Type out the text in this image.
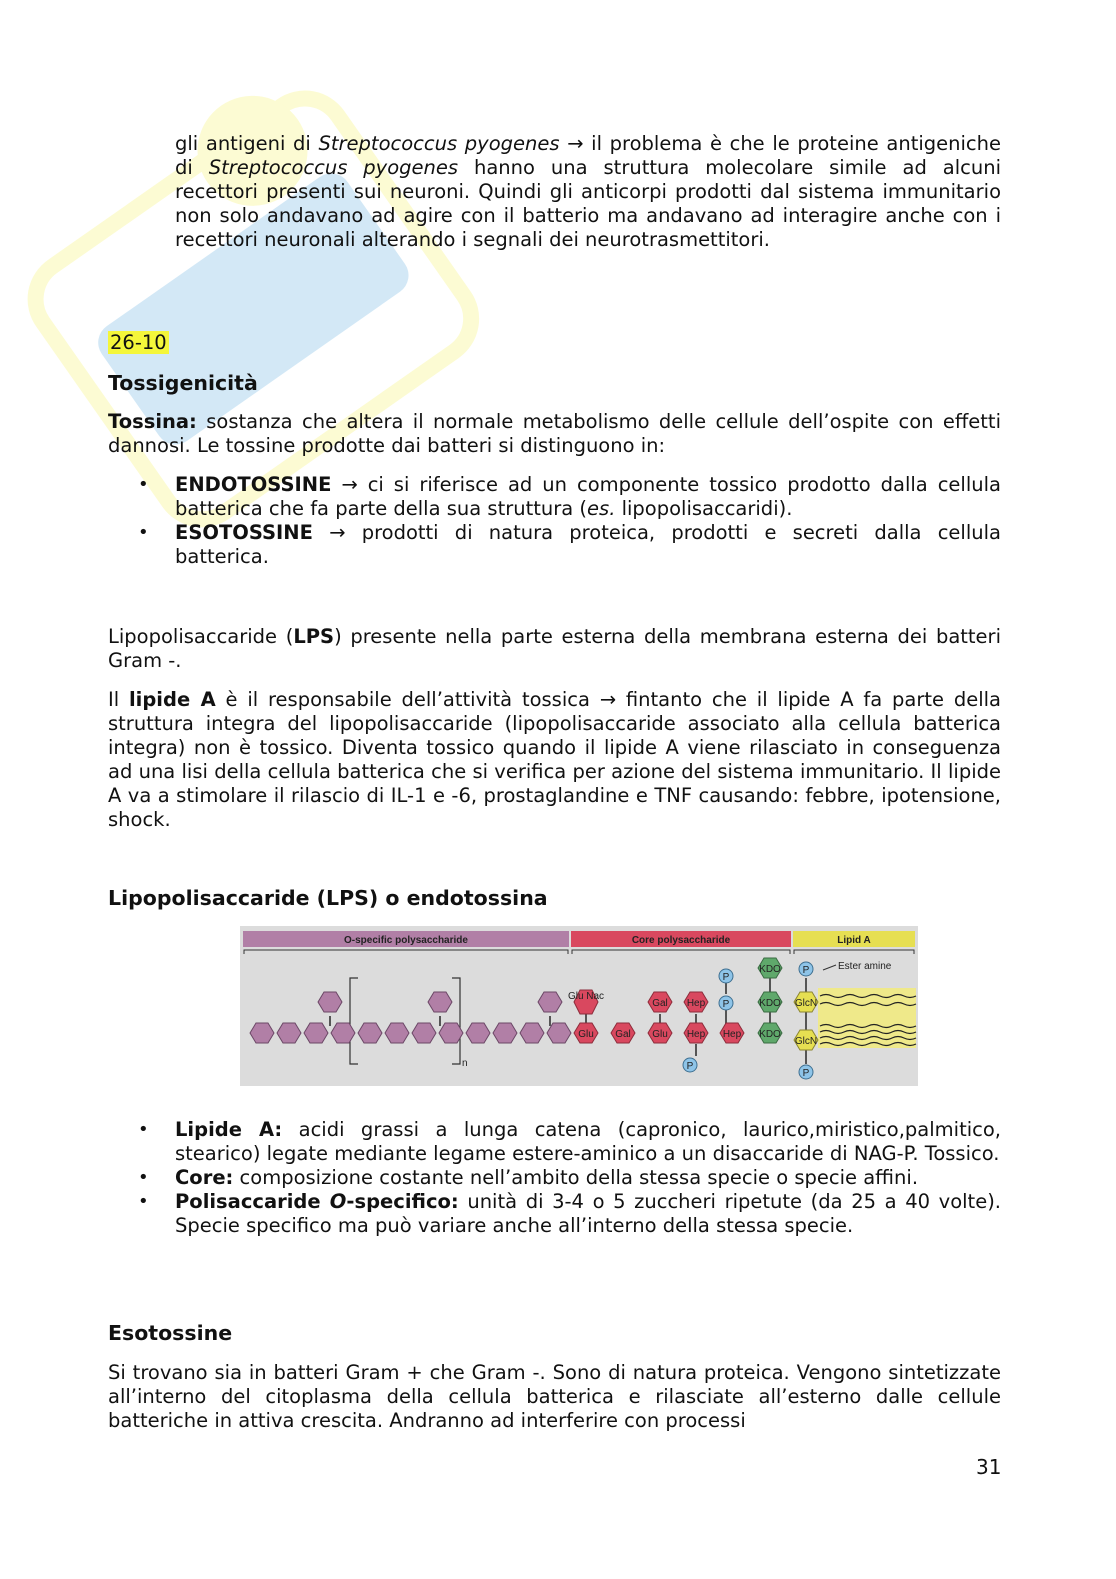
gli antigeni di Streptococcus pyogenes → il problema è che le proteine antigeniche di Streptococcus pyogenes hanno una struttura molecolare simile ad alcuni recettori presenti sui neuroni. Quindi gli anticorpi prodotti dal sistema immunitario non solo andavano ad agire con il batterio ma andavano ad interagire anche con i recettori neuronali alterando i segnali dei neurotrasmettitori.

26-10
Tossigenicità

Tossina: sostanza che altera il normale metabolismo delle cellule dell’ospite con effetti dannosi. Le tossine prodotte dai batteri si distinguono in:

• ENDOTOSSINE → ci si riferisce ad un componente tossico prodotto dalla cellula batterica che fa parte della sua struttura (es. lipopolisaccaridi).
• ESOTOSSINE → prodotti di natura proteica, prodotti e secreti dalla cellula batterica.

Lipopolisaccaride (LPS) presente nella parte esterna della membrana esterna dei batteri Gram -.

Il lipide A è il responsabile dell’attività tossica → fintanto che il lipide A fa parte della struttura integra del lipopolisaccaride (lipopolisaccaride associato alla cellula batterica integra) non è tossico. Diventa tossico quando il lipide A viene rilasciato in conseguenza ad una lisi della cellula batterica che si verifica per azione del sistema immunitario. Il lipide A va a stimolare il rilascio di IL-1 e -6, prostaglandine e TNF causando: febbre, ipotensione, shock.

Lipopolisaccaride (LPS) o endotossina
O-specific polysaccharide	Core polysaccharide	Lipid A
Ester amine
n
Glu Nac
Glu Gal
Gal
Glu
Hep
Hep Hep
KDO
KDO
KDO
GlcN
GlcN
P
P
P
P
P
• Lipide A: acidi grassi a lunga catena (capronico, laurico,miristico,palmitico, stearico) legate mediante legame estere-aminico a un disaccaride di NAG-P. Tossico.
• Core: composizione costante nell’ambito della stessa specie o specie affini.
• Polisaccaride O-specifico: unità di 3-4 o 5 zuccheri ripetute (da 25 a 40 volte). Specie specifico ma può variare anche all’interno della stessa specie.
Esotossine

Si trovano sia in batteri Gram + che Gram -. Sono di natura proteica. Vengono sintetizzate all’interno del citoplasma della cellula batterica e rilasciate all’esterno dalle cellule batteriche in attiva crescita. Andranno ad interferire con processi

31
